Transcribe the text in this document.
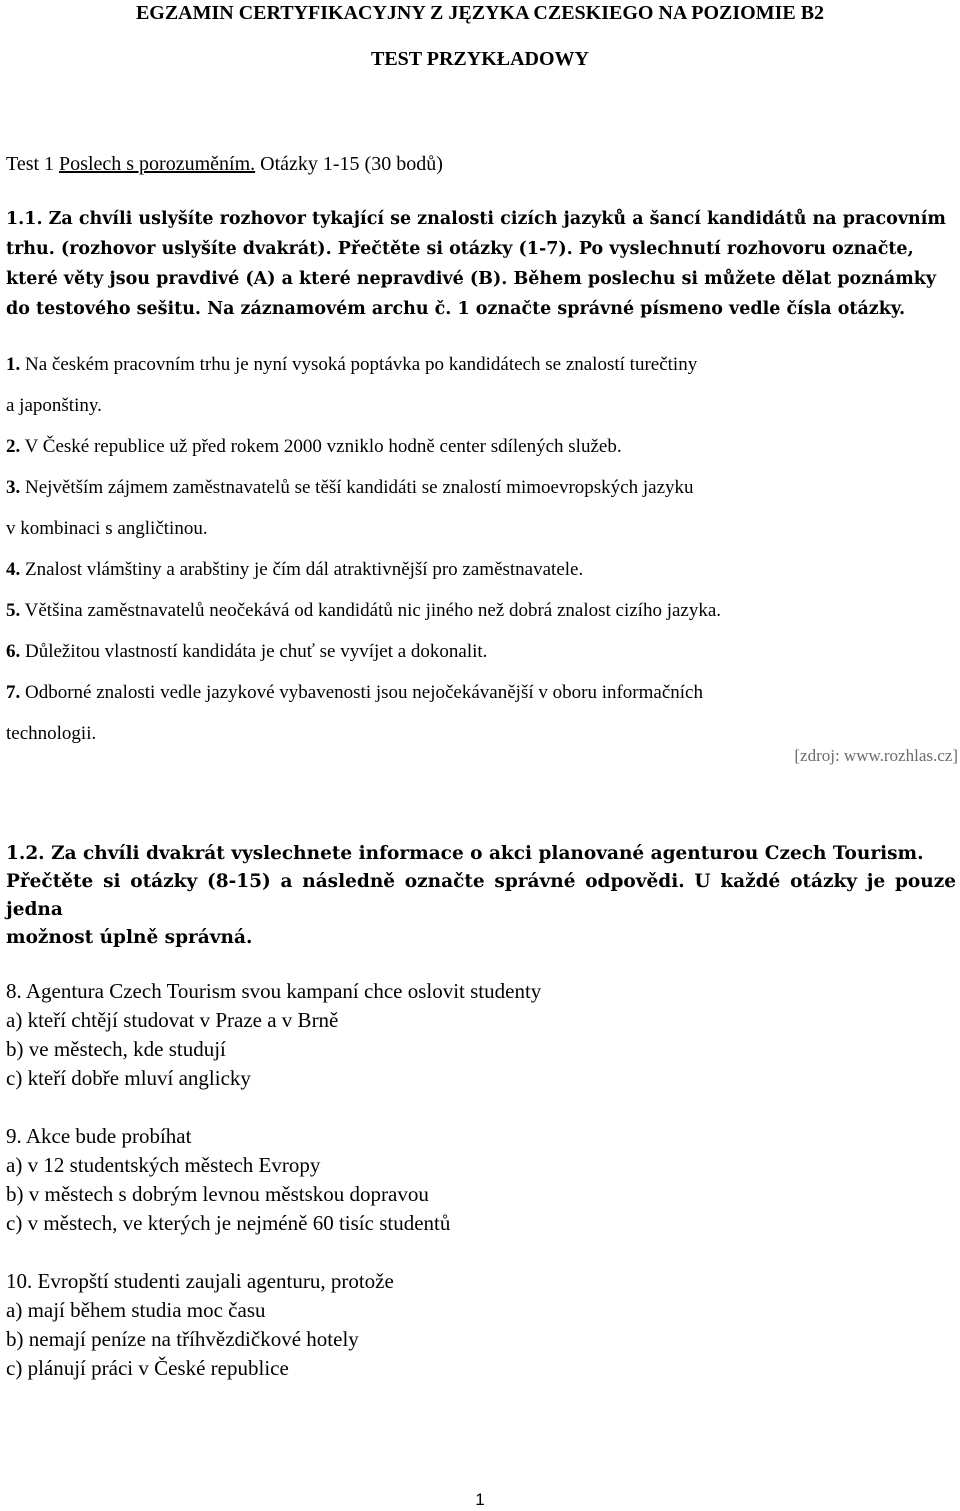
EGZAMIN CERTYFIKACYJNY Z JĘZYKA CZESKIEGO NA POZIOMIE B2
TEST PRZYKŁADOWY
Test 1 Poslech s porozuměním. Otázky 1-15 (30 bodů)
1.1. Za chvíli uslyšíte rozhovor tykající se znalosti cizích jazyků a šancí kandidátů na pracovním
trhu. (rozhovor uslyšíte dvakrát). Přečtěte si otázky (1-7). Po vyslechnutí rozhovoru označte,
které věty jsou pravdivé (A) a které nepravdivé (B). Během poslechu si můžete dělat poznámky
do testového sešitu. Na záznamovém archu č. 1 označte správné písmeno vedle čísla otázky.

1. Na českém pracovním trhu je nyní vysoká poptávka po kandidátech se znalostí turečtiny

a japonštiny.

2. V České republice už před rokem 2000 vzniklo hodně center sdílených služeb.

3. Největším zájmem zaměstnavatelů se těší kandidáti se znalostí mimoevropských jazyku

v kombinaci s angličtinou.

4. Znalost vlámštiny a arabštiny je čím dál atraktivnější pro zaměstnavatele.

5. Většina zaměstnavatelů neočekává od kandidátů nic jiného než dobrá znalost cizího jazyka.

6. Důležitou vlastností kandidáta je chuť se vyvíjet a dokonalit.

7. Odborné znalosti vedle jazykové vybavenosti jsou nejočekávanější v oboru informačních

technologii.

[zdroj: www.rozhlas.cz]
1.2. Za chvíli dvakrát vyslechnete informace o akci planované agenturou Czech Tourism.
Přečtěte si otázky (8-15) a následně označte správné odpovědi. U každé otázky je pouze jedna
možnost úplně správná.

8. Agentura Czech Tourism svou kampaní chce oslovit studenty

a) kteří chtějí studovat v Praze a v Brně

b) ve městech, kde studují

c) kteří dobře mluví anglicky

9. Akce bude probíhat

a) v 12 studentských městech Evropy

b) v městech s dobrým levnou městskou dopravou

c) v městech, ve kterých je nejméně 60 tisíc studentů

10. Evropští studenti zaujali agenturu, protože

a) mají během studia moc času

b) nemají peníze na tříhvězdičkové hotely

c) plánují práci v České republice

1
